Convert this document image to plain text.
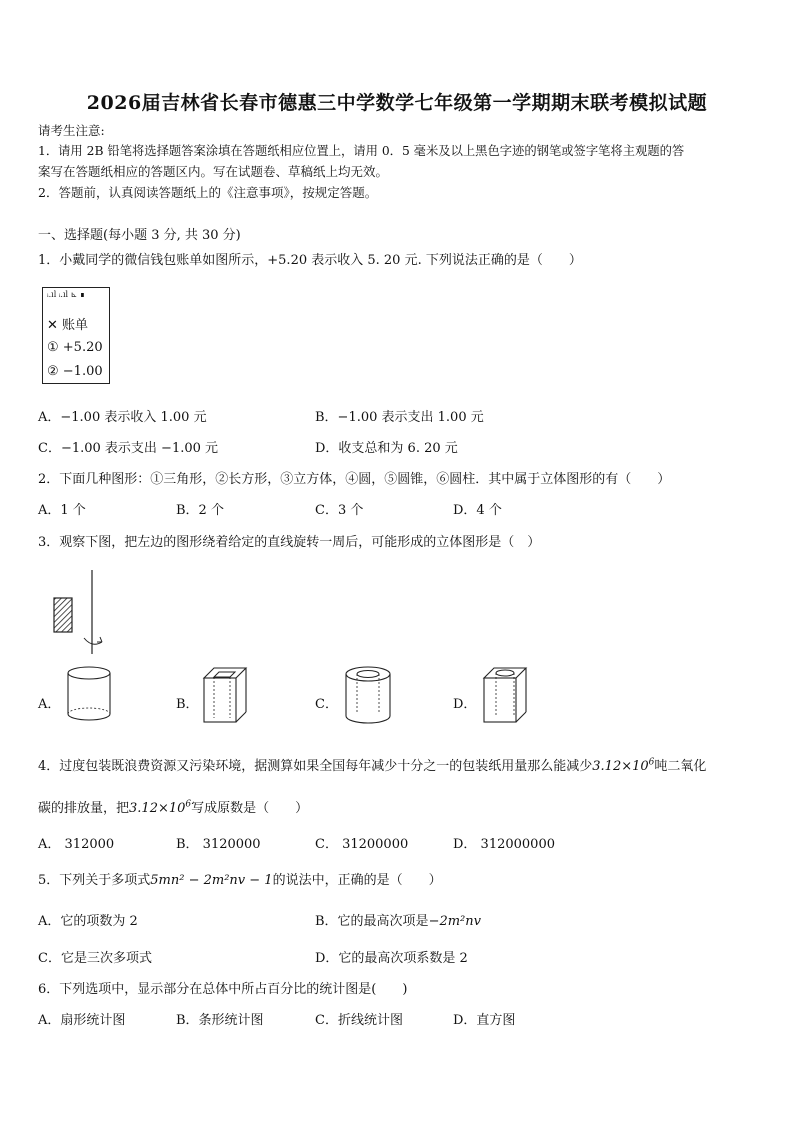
2026届吉林省长春市德惠三中学数学七年级第一学期期末联考模拟试题
请考生注意:
1．请用 2B 铅笔将选择题答案涂填在答题纸相应位置上，请用 0．5 毫米及以上黑色字迹的钢笔或签字笔将主观题的答
案写在答题纸相应的答题区内。写在试题卷、草稿纸上均无效。
2．答题前，认真阅读答题纸上的《注意事项》，按规定答题。
一、选择题(每小题 3 分, 共 30 分)
1．小戴同学的微信钱包账单如图所示，+5.20 表示收入 5. 20 元. 下列说法正确的是（　　）
ᵢ.ıl ᵢ.ıl ⊾ ∎
✕ 账单
① +5.20
② −1.00
A．−1.00 表示收入 1.00 元	B．−1.00 表示支出 1.00 元
C．−1.00 表示支出 −1.00 元	D．收支总和为 6. 20 元
2．下面几种图形：①三角形，②长方形，③立方体，④圆，⑤圆锥，⑥圆柱．其中属于立体图形的有（　　）
A．1 个	B．2 个	C．3 个	D．4 个
3．观察下图，把左边的图形绕着给定的直线旋转一周后，可能形成的立体图形是（　）
A．	B．	C．	D．
4．过度包装既浪费资源又污染环境，据测算如果全国每年减少十分之一的包装纸用量那么能减少$3.12\times 10^6$吨二氧化
碳的排放量，把$3.12\times 10^6$写成原数是（　　）
A． 312000	B． 3120000	C． 31200000	D． 312000000
5．下列关于多项式5mn² − 2m²nv − 1的说法中，正确的是（　　）
A．它的项数为 2	B．它的最高次项是−2m²nv
C．它是三次多项式	D．它的最高次项系数是 2
6．下列选项中，显示部分在总体中所占百分比的统计图是(　　)
A．扇形统计图	B．条形统计图	C．折线统计图	D．直方图
